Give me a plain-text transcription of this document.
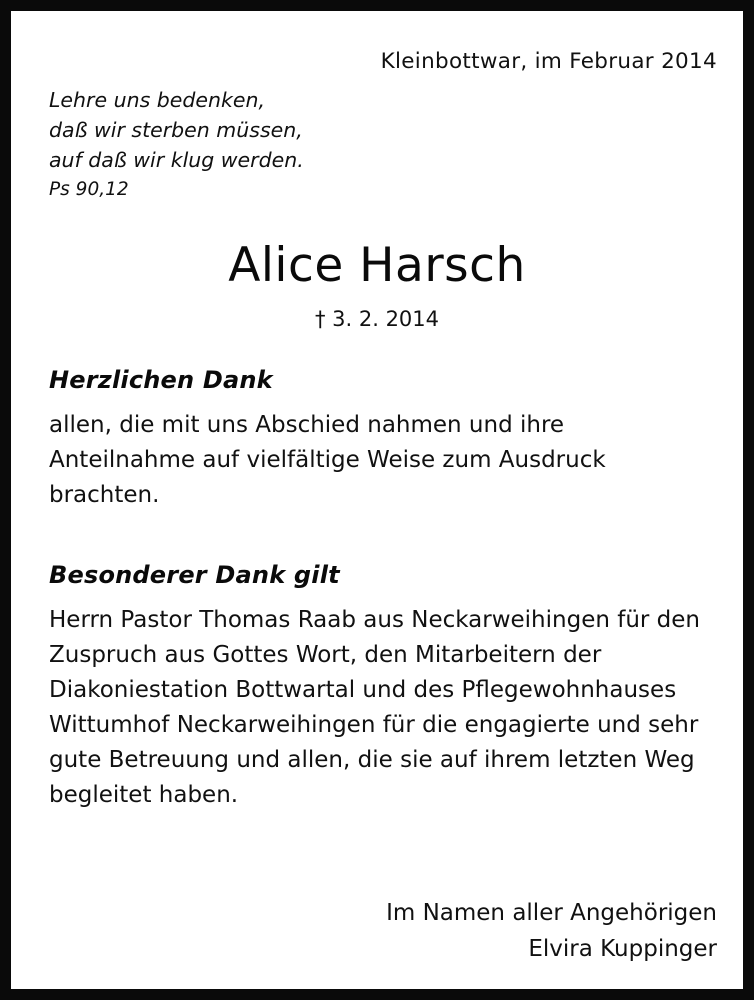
Kleinbottwar, im Februar 2014
Lehre uns bedenken,
daß wir sterben müssen,
auf daß wir klug werden.
Ps 90,12
Alice Harsch
† 3. 2. 2014
Herzlichen Dank
allen, die mit uns Abschied nahmen und ihre Anteilnahme auf vielfältige Weise zum Ausdruck brachten.
Besonderer Dank gilt
Herrn Pastor Thomas Raab aus Neckarweihingen für den Zuspruch aus Gottes Wort, den Mitarbeitern der Diakoniestation Bottwartal und des Pflegewohnhauses Wittumhof Neckarweihingen für die engagierte und sehr gute Betreuung und allen, die sie auf ihrem letzten Weg begleitet haben.
Im Namen aller Angehörigen
Elvira Kuppinger
